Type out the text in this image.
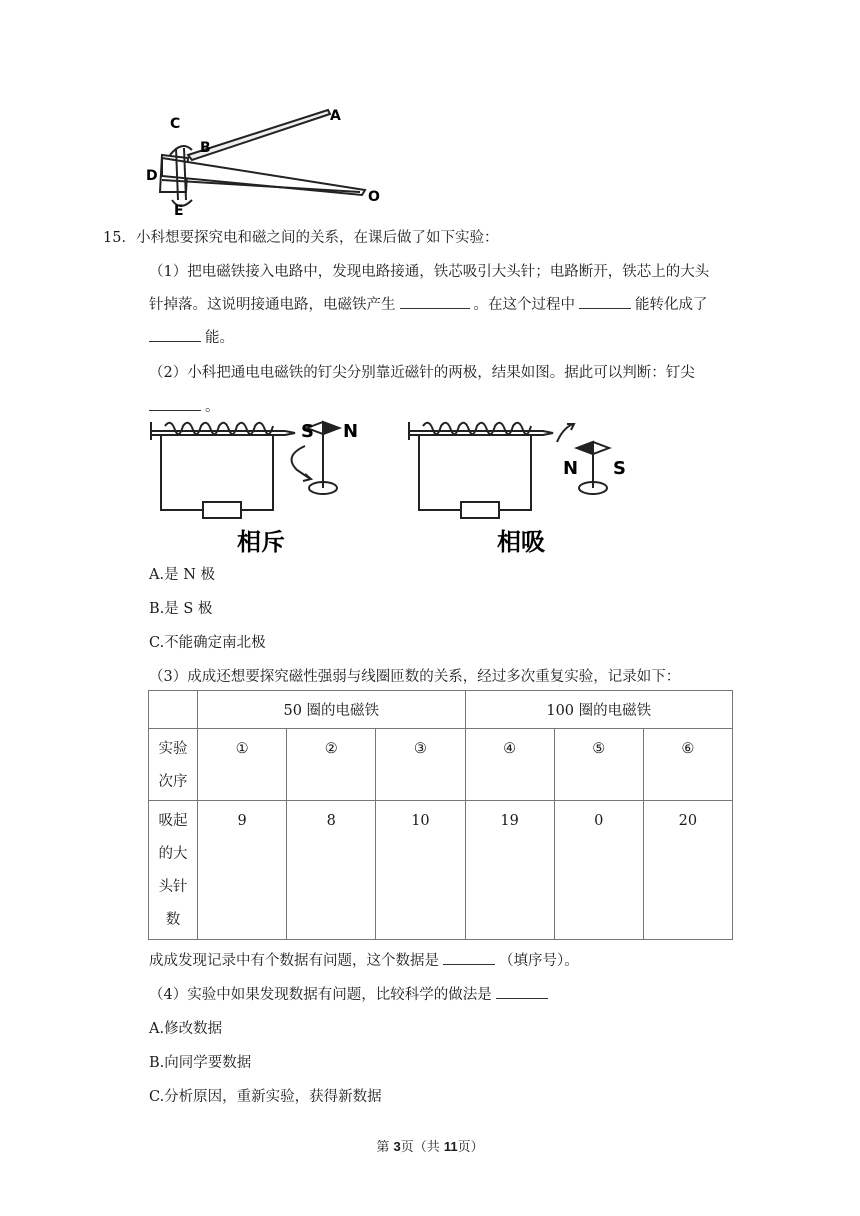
C
B
A
D
E
O
15．小科想要探究电和磁之间的关系，在课后做了如下实验：
（1）把电磁铁接入电路中，发现电路接通，铁芯吸引大头针；电路断开，铁芯上的大头
针掉落。这说明接通电路，电磁铁产生	。在这个过程中	能转化成了
能。
（2）小科把通电电磁铁的钉尖分别靠近磁针的两极，结果如图。据此可以判断：钉尖
。
S N
N S
相斥	相吸
A.是 N 极
B.是 S 极
C.不能确定南北极
（3）成成还想要探究磁性强弱与线圈匝数的关系，经过多次重复实验，记录如下：
	50 圈的电磁铁			100 圈的电磁铁		

实验
次序	①	②	③	④	⑤	⑥

吸起
的大
头针
数	9	8	10	19	0	20
成成发现记录中有个数据有问题，这个数据是	（填序号）。
（4）实验中如果发现数据有问题，比较科学的做法是
A.修改数据
B.向同学要数据
C.分析原因，重新实验，获得新数据
第 3页（共 11页）
